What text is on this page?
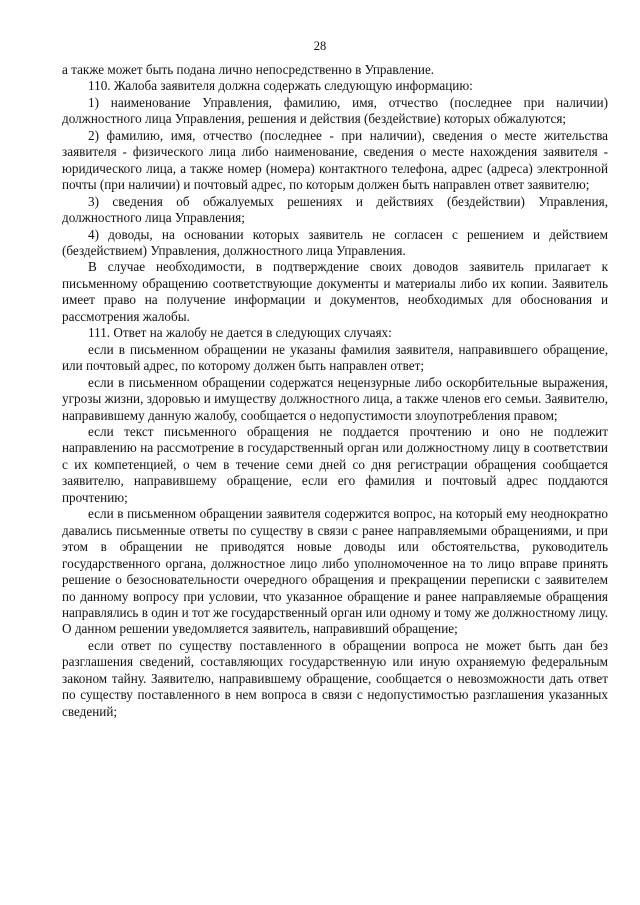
28

а также может быть подана лично непосредственно в Управление.

110. Жалоба заявителя должна содержать следующую информацию:

1) наименование Управления, фамилию, имя, отчество (последнее при наличии) должностного лица Управления, решения и действия (бездействие) которых обжалуются;

2) фамилию, имя, отчество (последнее - при наличии), сведения о месте жительства заявителя - физического лица либо наименование, сведения о месте нахождения заявителя - юридического лица, а также номер (номера) контактного телефона, адрес (адреса) электронной почты (при наличии) и почтовый адрес, по которым должен быть направлен ответ заявителю;

3) сведения об обжалуемых решениях и действиях (бездействии) Управления, должностного лица Управления;

4) доводы, на основании которых заявитель не согласен с решением и действием (бездействием) Управления, должностного лица Управления.

В случае необходимости, в подтверждение своих доводов заявитель прилагает к письменному обращению соответствующие документы и материалы либо их копии. Заявитель имеет право на получение информации и документов, необходимых для обоснования и рассмотрения жалобы.

111. Ответ на жалобу не дается в следующих случаях:

если в письменном обращении не указаны фамилия заявителя, направившего обращение, или почтовый адрес, по которому должен быть направлен ответ;

если в письменном обращении содержатся нецензурные либо оскорбительные выражения, угрозы жизни, здоровью и имуществу должностного лица, а также членов его семьи. Заявителю, направившему данную жалобу, сообщается о недопустимости злоупотребления правом;

если текст письменного обращения не поддается прочтению и оно не подлежит направлению на рассмотрение в государственный орган или должностному лицу в соответствии с их компетенцией, о чем в течение семи дней со дня регистрации обращения сообщается заявителю, направившему обращение, если его фамилия и почтовый адрес поддаются прочтению;

если в письменном обращении заявителя содержится вопрос, на который ему неоднократно давались письменные ответы по существу в связи с ранее направляемыми обращениями, и при этом в обращении не приводятся новые доводы или обстоятельства, руководитель государственного органа, должностное лицо либо уполномоченное на то лицо вправе принять решение о безосновательности очередного обращения и прекращении переписки с заявителем по данному вопросу при условии, что указанное обращение и ранее направляемые обращения направлялись в один и тот же государственный орган или одному и тому же должностному лицу. О данном решении уведомляется заявитель, направивший обращение;

если ответ по существу поставленного в обращении вопроса не может быть дан без разглашения сведений, составляющих государственную или иную охраняемую федеральным законом тайну. Заявителю, направившему обращение, сообщается о невозможности дать ответ по существу поставленного в нем вопроса в связи с недопустимостью разглашения указанных сведений;
